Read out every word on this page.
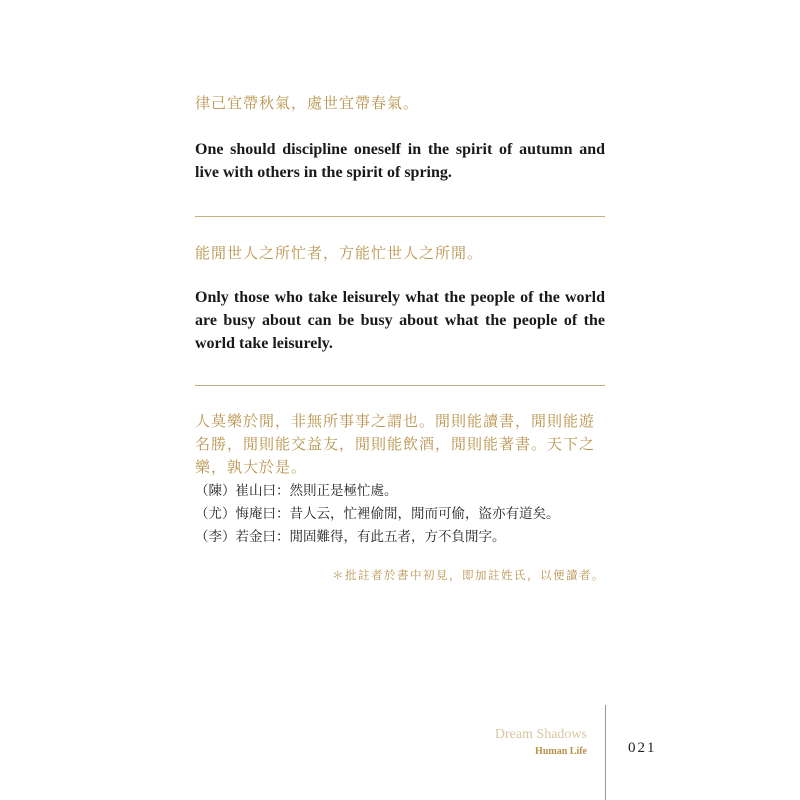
律己宜帶秋氣，處世宜帶春氣。
One should discipline oneself in the spirit of autumn and live with others in the spirit of spring.
能閒世人之所忙者，方能忙世人之所閒。
Only those who take leisurely what the people of the world are busy about can be busy about what the people of the world take leisurely.
人莫樂於閒，非無所事事之謂也。閒則能讀書，閒則能遊
名勝，閒則能交益友，閒則能飲酒，閒則能著書。天下之
樂，孰大於是。
（陳）崔山曰：然則正是極忙處。
（尤）悔庵曰：昔人云，忙裡偷閒，閒而可偷，盜亦有道矣。
（李）若金曰：閒固難得，有此五者，方不負閒字。
＊批註者於書中初見，即加註姓氏，以便讀者。
Dream Shadows
Human Life	021
